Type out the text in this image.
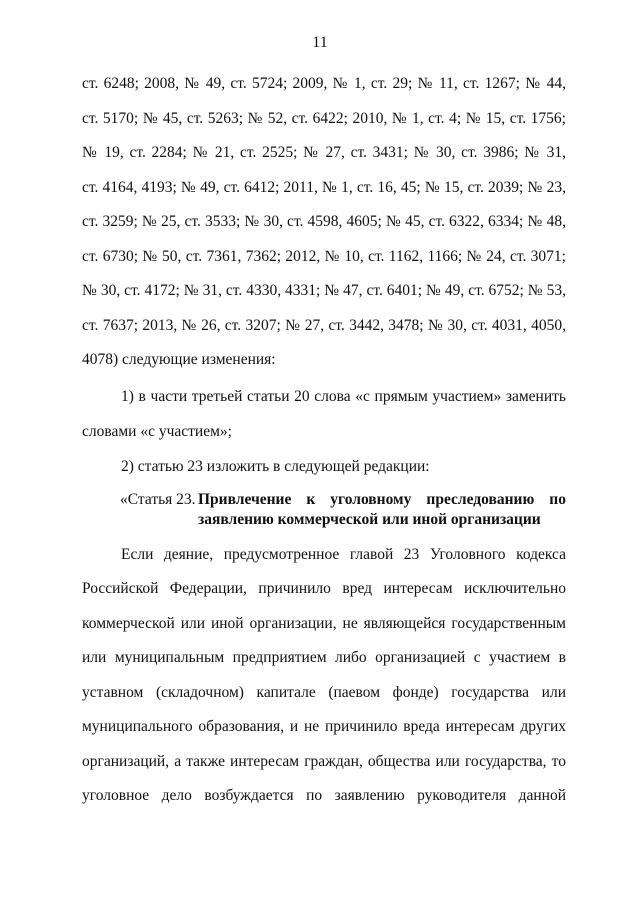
11
ст. 6248; 2008, № 49, ст. 5724; 2009, № 1, ст. 29; № 11, ст. 1267; № 44,
ст. 5170; № 45, ст. 5263; № 52, ст. 6422; 2010, № 1, ст. 4; № 15, ст. 1756;
№ 19, ст. 2284; № 21, ст. 2525; № 27, ст. 3431; № 30, ст. 3986; № 31,
ст. 4164, 4193; № 49, ст. 6412; 2011, № 1, ст. 16, 45; № 15, ст. 2039; № 23,
ст. 3259; № 25, ст. 3533; № 30, ст. 4598, 4605; № 45, ст. 6322, 6334; № 48,
ст. 6730; № 50, ст. 7361, 7362; 2012, № 10, ст. 1162, 1166; № 24, ст. 3071;
№ 30, ст. 4172; № 31, ст. 4330, 4331; № 47, ст. 6401; № 49, ст. 6752; № 53,
ст. 7637; 2013, № 26, ст. 3207; № 27, ст. 3442, 3478; № 30, ст. 4031, 4050,
4078) следующие изменения:
1) в части третьей статьи 20 слова «с прямым участием» заменить
словами «с участием»;
2) статью 23 изложить в следующей редакции:
«Статья 23. Привлечение к уголовному преследованию по
заявлению коммерческой или иной организации
Если деяние, предусмотренное главой 23 Уголовного кодекса
Российской Федерации, причинило вред интересам исключительно
коммерческой или иной организации, не являющейся государственным
или муниципальным предприятием либо организацией с участием в
уставном (складочном) капитале (паевом фонде) государства или
муниципального образования, и не причинило вреда интересам других
организаций, а также интересам граждан, общества или государства, то
уголовное дело возбуждается по заявлению руководителя данной
